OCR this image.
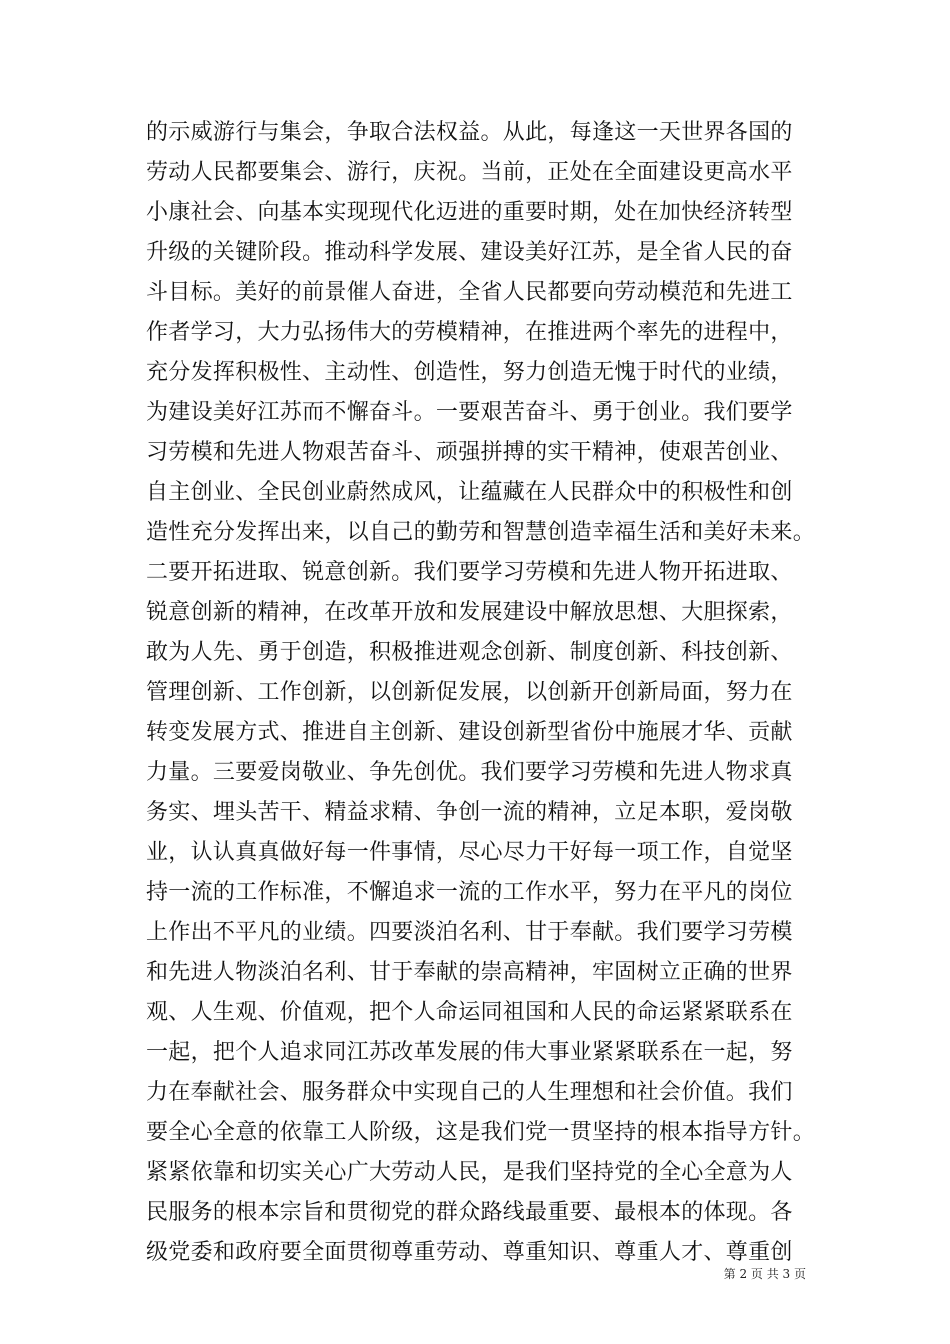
的示威游行与集会，争取合法权益。从此，每逢这一天世界各国的
劳动人民都要集会、游行，庆祝。当前，正处在全面建设更高水平
小康社会、向基本实现现代化迈进的重要时期，处在加快经济转型
升级的关键阶段。推动科学发展、建设美好江苏，是全省人民的奋
斗目标。美好的前景催人奋进，全省人民都要向劳动模范和先进工
作者学习，大力弘扬伟大的劳模精神，在推进两个率先的进程中，
充分发挥积极性、主动性、创造性，努力创造无愧于时代的业绩，
为建设美好江苏而不懈奋斗。一要艰苦奋斗、勇于创业。我们要学
习劳模和先进人物艰苦奋斗、顽强拼搏的实干精神，使艰苦创业、
自主创业、全民创业蔚然成风，让蕴藏在人民群众中的积极性和创
造性充分发挥出来，以自己的勤劳和智慧创造幸福生活和美好未来。
二要开拓进取、锐意创新。我们要学习劳模和先进人物开拓进取、
锐意创新的精神，在改革开放和发展建设中解放思想、大胆探索，
敢为人先、勇于创造，积极推进观念创新、制度创新、科技创新、
管理创新、工作创新，以创新促发展，以创新开创新局面，努力在
转变发展方式、推进自主创新、建设创新型省份中施展才华、贡献
力量。三要爱岗敬业、争先创优。我们要学习劳模和先进人物求真
务实、埋头苦干、精益求精、争创一流的精神，立足本职，爱岗敬
业，认认真真做好每一件事情，尽心尽力干好每一项工作，自觉坚
持一流的工作标准，不懈追求一流的工作水平，努力在平凡的岗位
上作出不平凡的业绩。四要淡泊名利、甘于奉献。我们要学习劳模
和先进人物淡泊名利、甘于奉献的崇高精神，牢固树立正确的世界
观、人生观、价值观，把个人命运同祖国和人民的命运紧紧联系在
一起，把个人追求同江苏改革发展的伟大事业紧紧联系在一起，努
力在奉献社会、服务群众中实现自己的人生理想和社会价值。我们
要全心全意的依靠工人阶级，这是我们党一贯坚持的根本指导方针。
紧紧依靠和切实关心广大劳动人民，是我们坚持党的全心全意为人
民服务的根本宗旨和贯彻党的群众路线最重要、最根本的体现。各
级党委和政府要全面贯彻尊重劳动、尊重知识、尊重人才、尊重创
第 2 页 共 3 页
